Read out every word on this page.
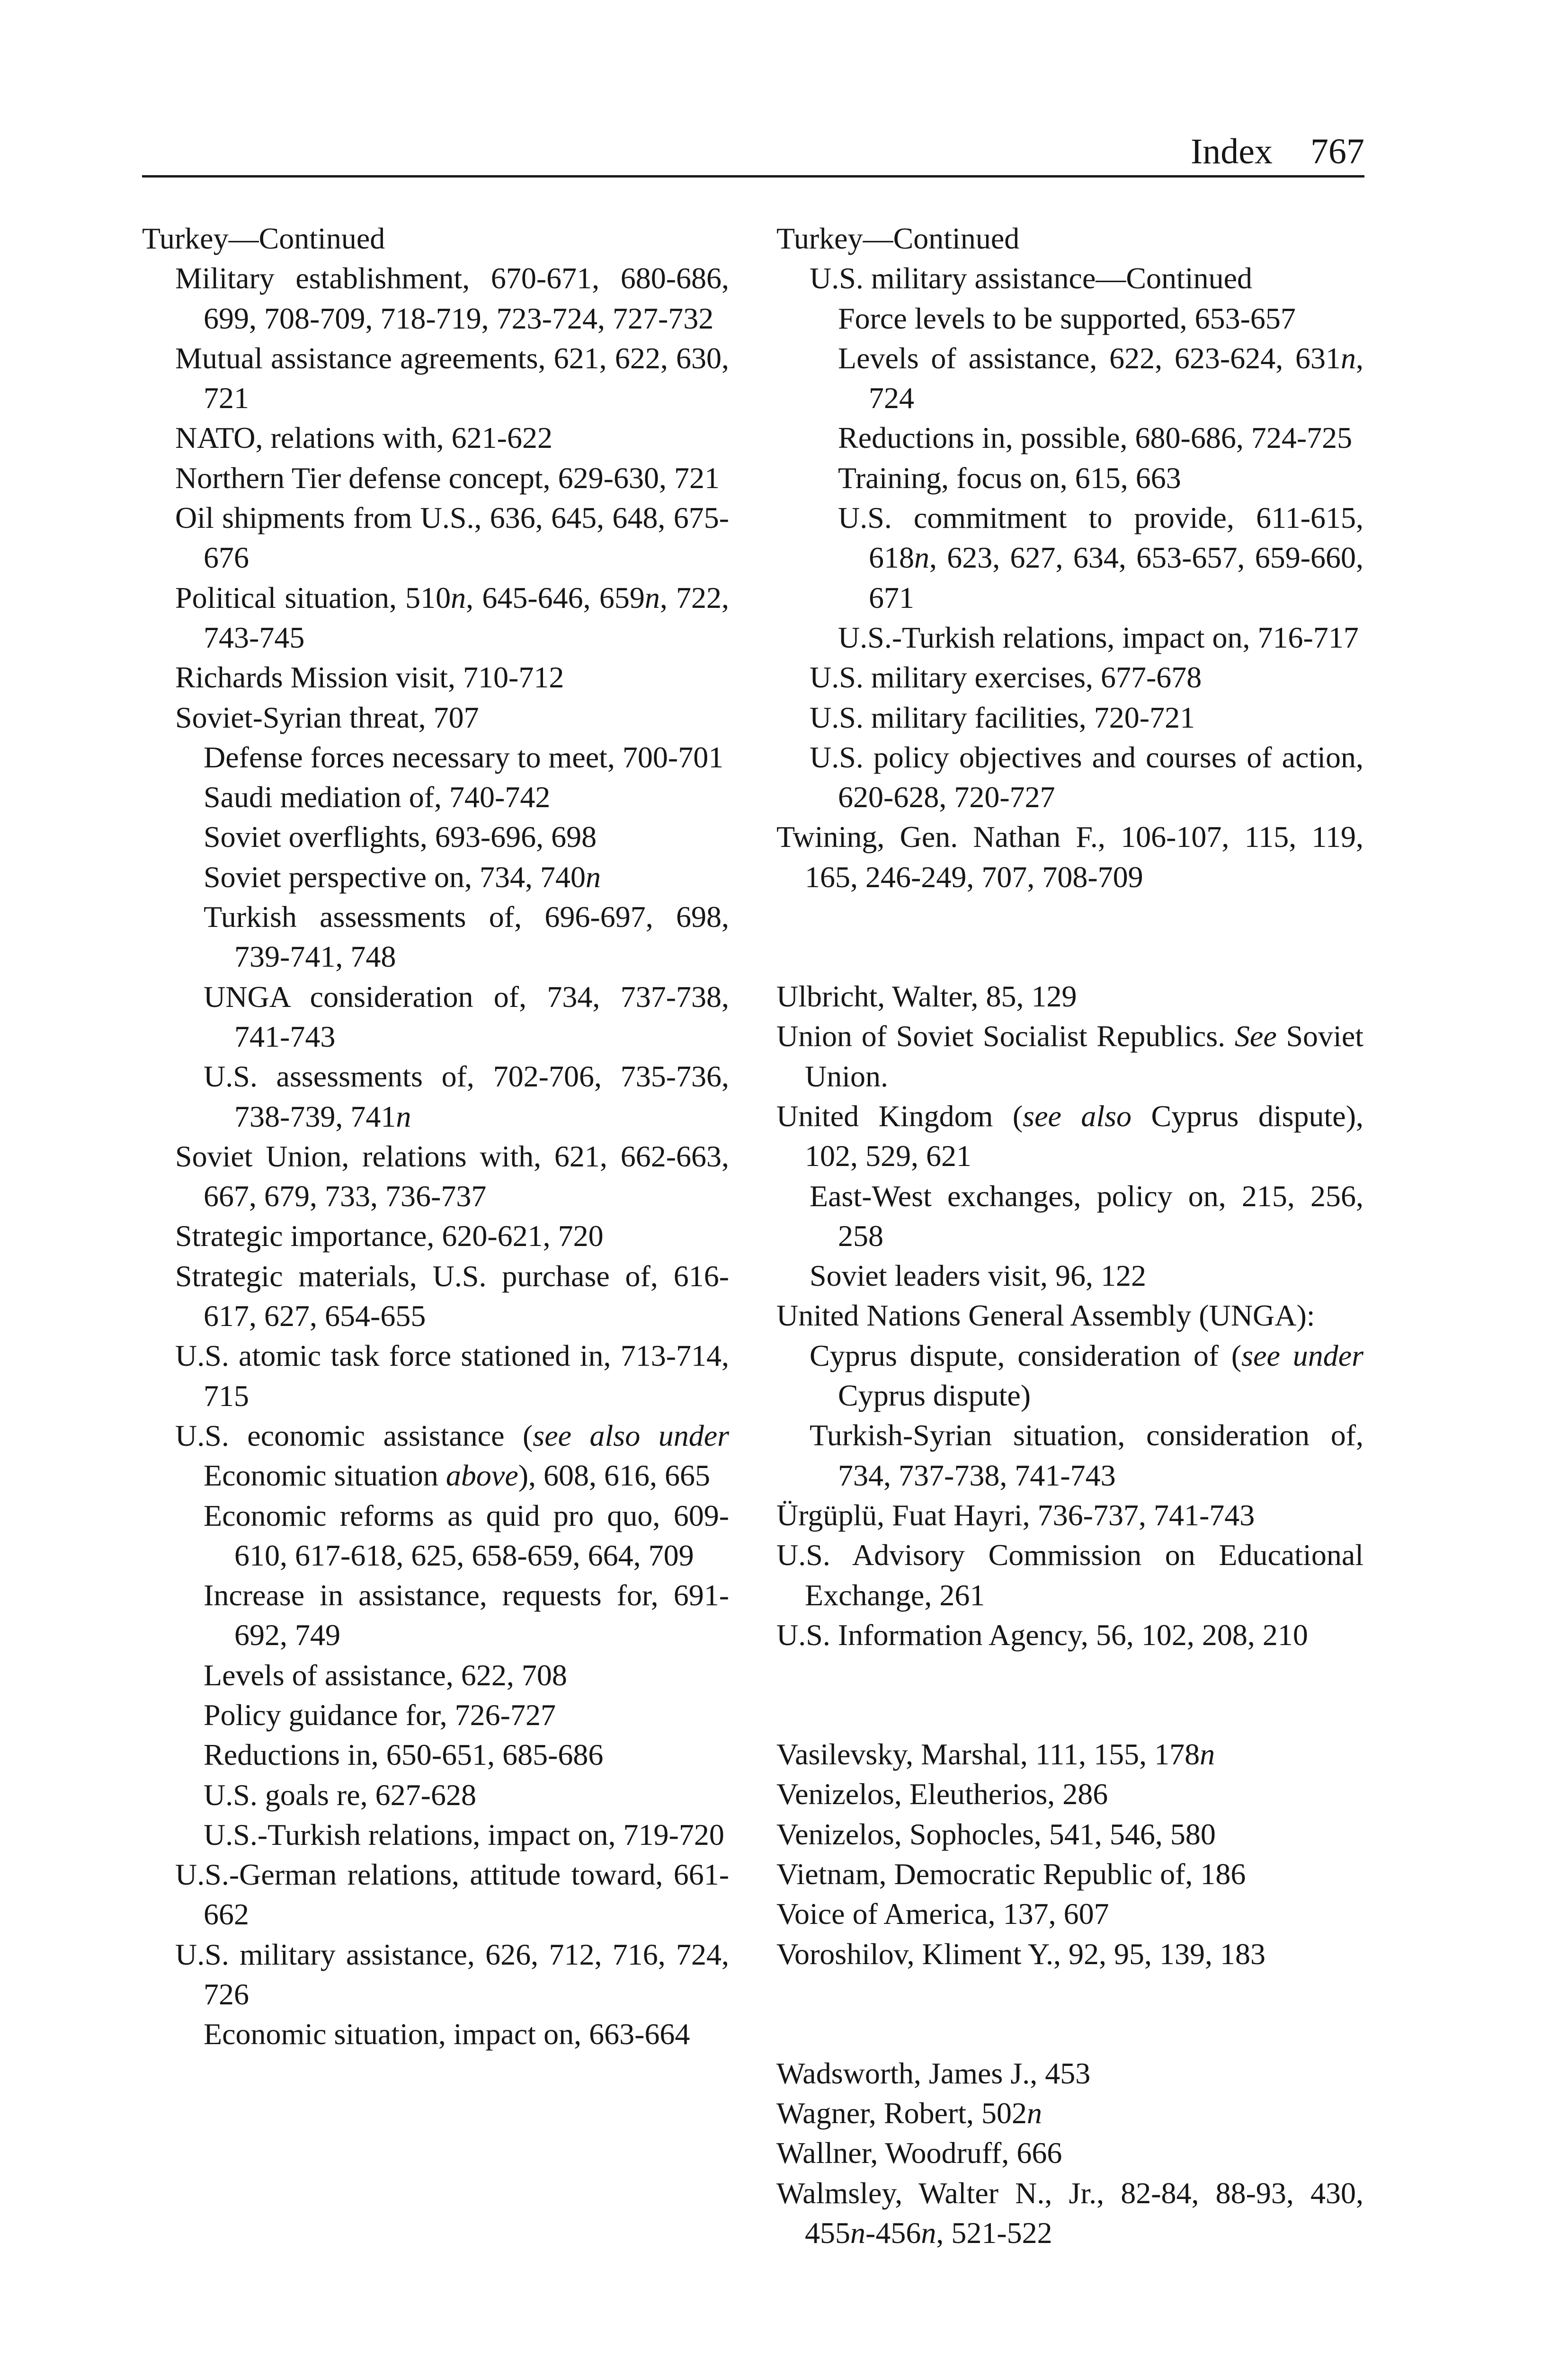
Index 767

Turkey—Continued

Military establishment, 670-671, 680-686, 699, 708-709, 718-719, 723-724, 727-732

Mutual assistance agreements, 621, 622, 630, 721

NATO, relations with, 621-622

Northern Tier defense concept, 629-630, 721

Oil shipments from U.S., 636, 645, 648, 675-676

Political situation, 510n, 645-646, 659n, 722, 743-745

Richards Mission visit, 710-712

Soviet-Syrian threat, 707

Defense forces necessary to meet, 700-701

Saudi mediation of, 740-742

Soviet overflights, 693-696, 698

Soviet perspective on, 734, 740n

Turkish assessments of, 696-697, 698, 739-741, 748

UNGA consideration of, 734, 737-738, 741-743

U.S. assessments of, 702-706, 735-736, 738-739, 741n

Soviet Union, relations with, 621, 662-663, 667, 679, 733, 736-737

Strategic importance, 620-621, 720

Strategic materials, U.S. purchase of, 616-617, 627, 654-655

U.S. atomic task force stationed in, 713-714, 715

U.S. economic assistance (see also under Economic situation above), 608, 616, 665

Economic reforms as quid pro quo, 609-610, 617-618, 625, 658-659, 664, 709

Increase in assistance, requests for, 691-692, 749

Levels of assistance, 622, 708

Policy guidance for, 726-727

Reductions in, 650-651, 685-686

U.S. goals re, 627-628

U.S.-Turkish relations, impact on, 719-720

U.S.-German relations, attitude toward, 661-662

U.S. military assistance, 626, 712, 716, 724, 726

Economic situation, impact on, 663-664

Turkey—Continued

U.S. military assistance—Continued

Force levels to be supported, 653-657

Levels of assistance, 622, 623-624, 631n, 724

Reductions in, possible, 680-686, 724-725

Training, focus on, 615, 663

U.S. commitment to provide, 611-615, 618n, 623, 627, 634, 653-657, 659-660, 671

U.S.-Turkish relations, impact on, 716-717

U.S. military exercises, 677-678

U.S. military facilities, 720-721

U.S. policy objectives and courses of action, 620-628, 720-727

Twining, Gen. Nathan F., 106-107, 115, 119, 165, 246-249, 707, 708-709

Ulbricht, Walter, 85, 129

Union of Soviet Socialist Republics. See Soviet Union.

United Kingdom (see also Cyprus dispute), 102, 529, 621

East-West exchanges, policy on, 215, 256, 258

Soviet leaders visit, 96, 122

United Nations General Assembly (UNGA):

Cyprus dispute, consideration of (see under Cyprus dispute)

Turkish-Syrian situation, consideration of, 734, 737-738, 741-743

Ürgüplü, Fuat Hayri, 736-737, 741-743

U.S. Advisory Commission on Educational Exchange, 261

U.S. Information Agency, 56, 102, 208, 210

Vasilevsky, Marshal, 111, 155, 178n

Venizelos, Eleutherios, 286

Venizelos, Sophocles, 541, 546, 580

Vietnam, Democratic Republic of, 186

Voice of America, 137, 607

Voroshilov, Kliment Y., 92, 95, 139, 183

Wadsworth, James J., 453

Wagner, Robert, 502n

Wallner, Woodruff, 666

Walmsley, Walter N., Jr., 82-84, 88-93, 430, 455n-456n, 521-522
